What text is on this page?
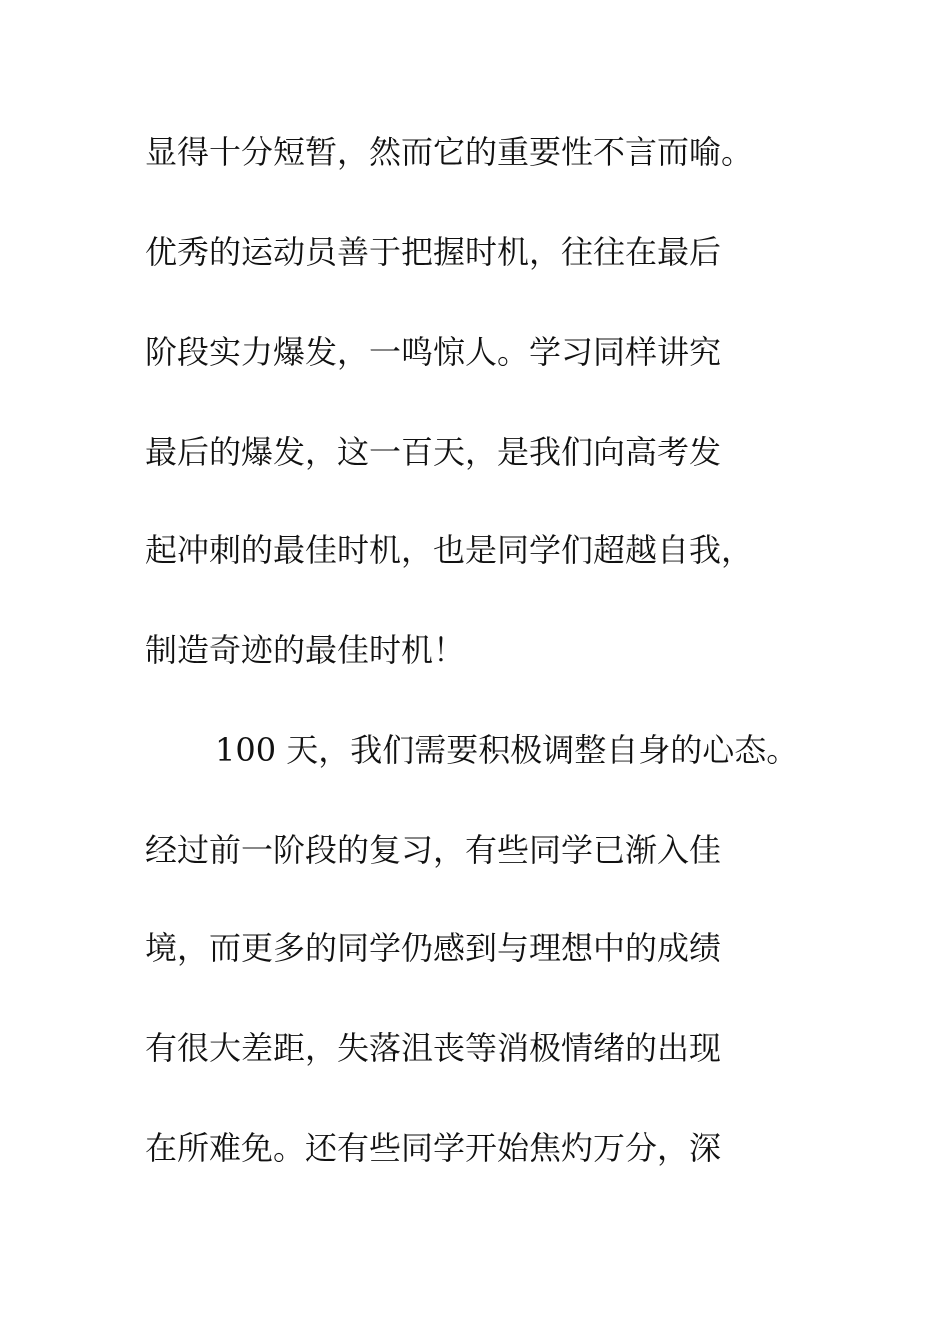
显得十分短暂，然而它的重要性不言而喻。
优秀的运动员善于把握时机，往往在最后
阶段实力爆发，一鸣惊人。学习同样讲究
最后的爆发，这一百天，是我们向高考发
起冲刺的最佳时机，也是同学们超越自我，
制造奇迹的最佳时机！
100 天，我们需要积极调整自身的心态。
经过前一阶段的复习，有些同学已渐入佳
境，而更多的同学仍感到与理想中的成绩
有很大差距，失落沮丧等消极情绪的出现
在所难免。还有些同学开始焦灼万分，深
